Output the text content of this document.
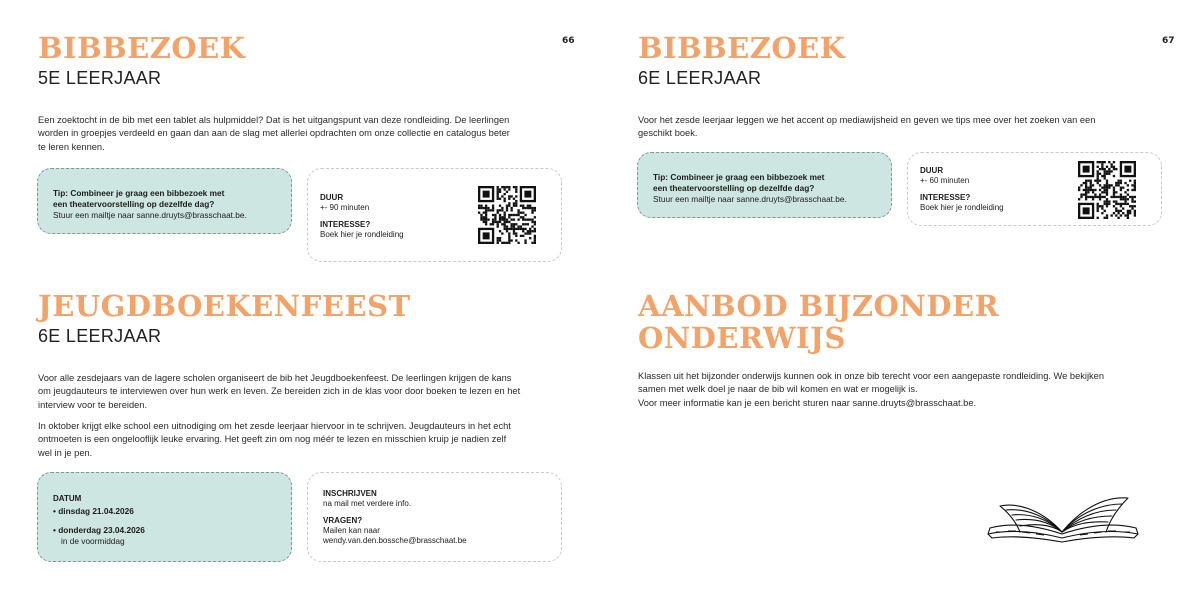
66
BIBBEZOEK
5E LEERJAAR
Een zoektocht in de bib met een tablet als hulpmiddel? Dat is het uitgangspunt van deze rondleiding. De leerlingen
worden in groepjes verdeeld en gaan dan aan de slag met allerlei opdrachten om onze collectie en catalogus beter
te leren kennen.
Tip: Combineer je graag een bibbezoek met
een theatervoorstelling op dezelfde dag?
Stuur een mailtje naar sanne.druyts@brasschaat.be.
DUUR
+- 90 minuten
INTERESSE?
Boek hier je rondleiding
JEUGDBOEKENFEEST
6E LEERJAAR
Voor alle zesdejaars van de lagere scholen organiseert de bib het Jeugdboekenfeest. De leerlingen krijgen de kans
om jeugdauteurs te interviewen over hun werk en leven. Ze bereiden zich in de klas voor door boeken te lezen en het
interview voor te bereiden.
In oktober krijgt elke school een uitnodiging om het zesde leerjaar hiervoor in te schrijven. Jeugdauteurs in het echt
ontmoeten is een ongelooflijk leuke ervaring. Het geeft zin om nog méér te lezen en misschien kruip je nadien zelf
wel in je pen.
DATUM
• dinsdag 21.04.2026
• donderdag 23.04.2026
in de voormiddag
INSCHRIJVEN
na mail met verdere info.
VRAGEN?
Mailen kan naar
wendy.van.den.bossche@brasschaat.be
67
BIBBEZOEK
6E LEERJAAR
Voor het zesde leerjaar leggen we het accent op mediawijsheid en geven we tips mee over het zoeken van een
geschikt boek.
Tip: Combineer je graag een bibbezoek met
een theatervoorstelling op dezelfde dag?
Stuur een mailtje naar sanne.druyts@brasschaat.be.
DUUR
+- 60 minuten
INTERESSE?
Boek hier je rondleiding
AANBOD BIJZONDER
ONDERWIJS
Klassen uit het bijzonder onderwijs kunnen ook in onze bib terecht voor een aangepaste rondleiding. We bekijken
samen met welk doel je naar de bib wil komen en wat er mogelijk is.
Voor meer informatie kan je een bericht sturen naar sanne.druyts@brasschaat.be.
